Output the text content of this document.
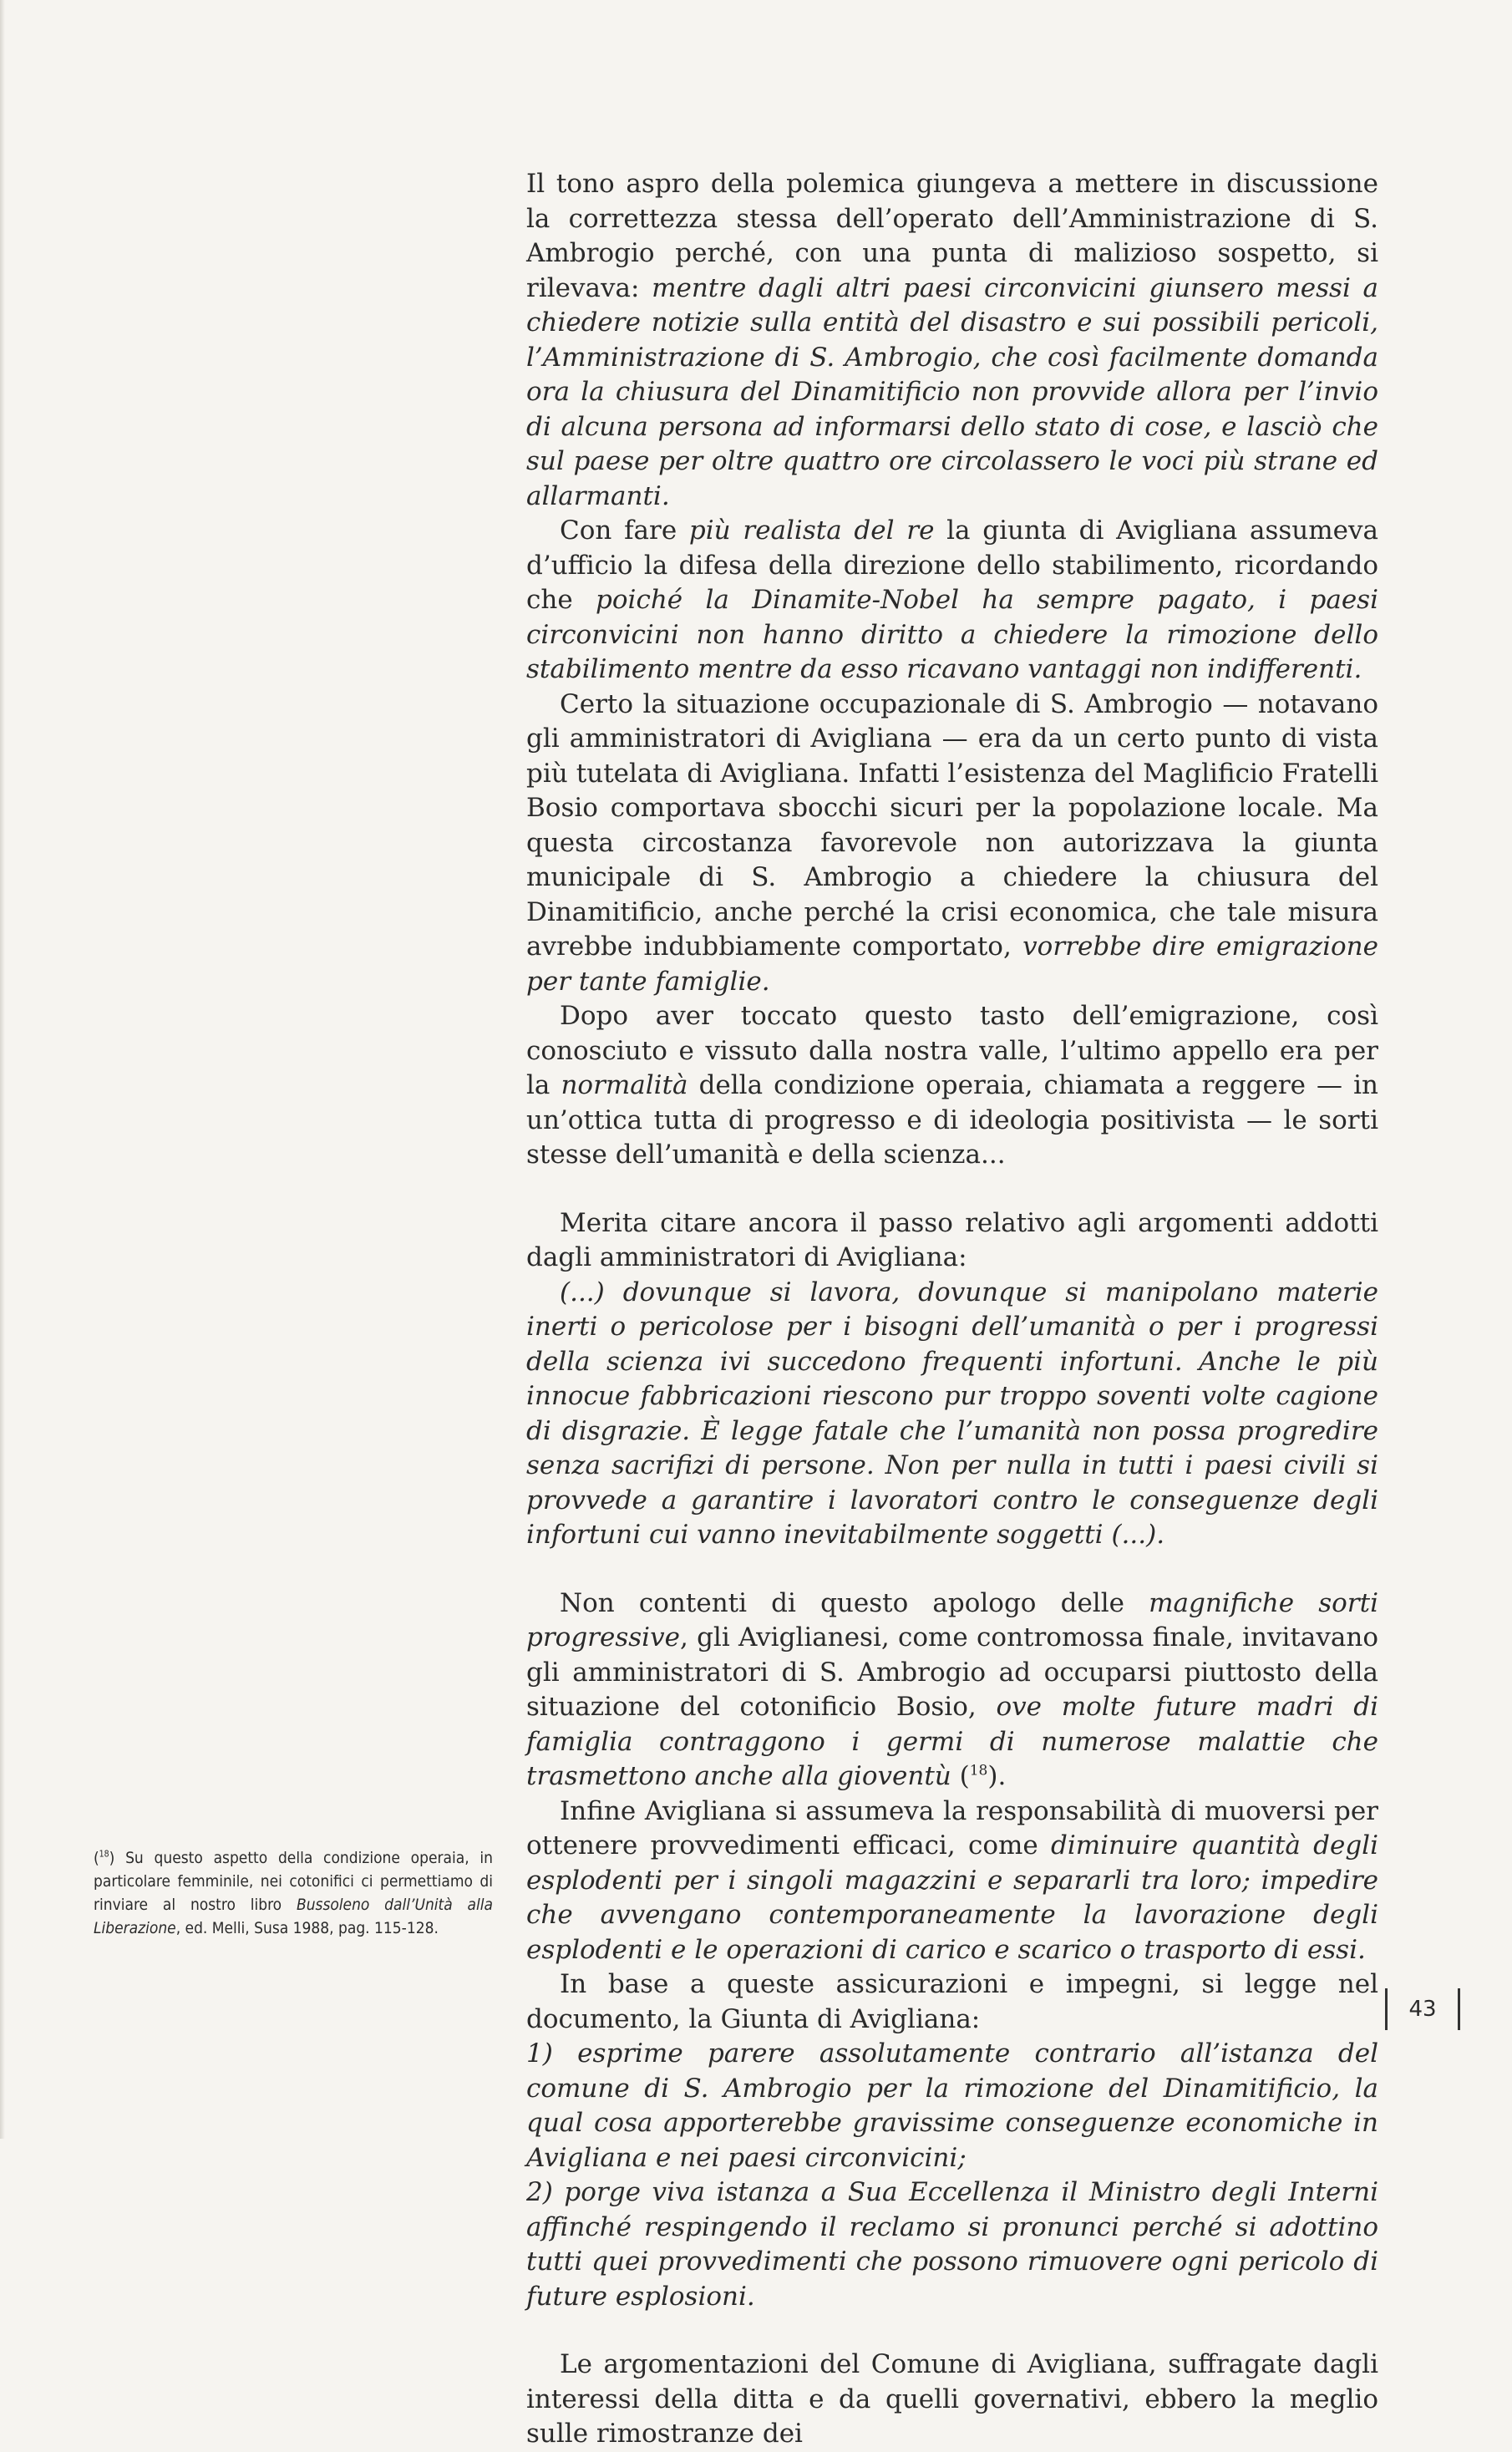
Il tono aspro della polemica giungeva a mettere in discussione la correttezza stessa dell’operato dell’Amministrazione di S. Ambrogio perché, con una punta di malizioso sospetto, si rilevava: mentre dagli altri paesi circonvicini giunsero messi a chiedere notizie sulla entità del disastro e sui possibili pericoli, l’Amministrazione di S. Ambrogio, che così facilmente domanda ora la chiusura del Dinamitificio non provvide allora per l’invio di alcuna persona ad informarsi dello stato di cose, e lasciò che sul paese per oltre quattro ore circolassero le voci più strane ed allarmanti.

Con fare più realista del re la giunta di Avigliana assumeva d’ufficio la difesa della direzione dello stabilimento, ricordando che poiché la Dinamite-Nobel ha sempre pagato, i paesi circonvicini non hanno diritto a chiedere la rimozione dello stabilimento mentre da esso ricavano vantaggi non indifferenti.

Certo la situazione occupazionale di S. Ambrogio — notavano gli amministratori di Avigliana — era da un certo punto di vista più tutelata di Avigliana. Infatti l’esistenza del Maglificio Fratelli Bosio comportava sbocchi sicuri per la popolazione locale. Ma questa circostanza favorevole non autorizzava la giunta municipale di S. Ambrogio a chiedere la chiusura del Dinamitificio, anche perché la crisi economica, che tale misura avrebbe indubbiamente comportato, vorrebbe dire emigrazione per tante famiglie.

Dopo aver toccato questo tasto dell’emigrazione, così conosciuto e vissuto dalla nostra valle, l’ultimo appello era per la normalità della condizione operaia, chiamata a reggere — in un’ottica tutta di progresso e di ideologia positivista — le sorti stesse dell’umanità e della scienza...

Merita citare ancora il passo relativo agli argomenti addotti dagli amministratori di Avigliana:

(...) dovunque si lavora, dovunque si manipolano materie inerti o pericolose per i bisogni dell’umanità o per i progressi della scienza ivi succedono frequenti infortuni. Anche le più innocue fabbricazioni riescono pur troppo soventi volte cagione di disgrazie. È legge fatale che l’umanità non possa progredire senza sacrifizi di persone. Non per nulla in tutti i paesi civili si provvede a garantire i lavoratori contro le conseguenze degli infortuni cui vanno inevitabilmente soggetti (...).

Non contenti di questo apologo delle magnifiche sorti progressive, gli Aviglianesi, come contromossa finale, invitavano gli amministratori di S. Ambrogio ad occuparsi piuttosto della situazione del cotonificio Bosio, ove molte future madri di famiglia contraggono i germi di numerose malattie che trasmettono anche alla gioventù ($^{18}$).

Infine Avigliana si assumeva la responsabilità di muoversi per ottenere provvedimenti efficaci, come diminuire quantità degli esplodenti per i singoli magazzini e separarli tra loro; impedire che avvengano contemporaneamente la lavorazione degli esplodenti e le operazioni di carico e scarico o trasporto di essi.

In base a queste assicurazioni e impegni, si legge nel documento, la Giunta di Avigliana:

1) esprime parere assolutamente contrario all’istanza del comune di S. Ambrogio per la rimozione del Dinamitificio, la qual cosa apporterebbe gravissime conseguenze economiche in Avigliana e nei paesi circonvicini;

2) porge viva istanza a Sua Eccellenza il Ministro degli Interni affinché respingendo il reclamo si pronunci perché si adottino tutti quei provvedimenti che possono rimuovere ogni pericolo di future esplosioni.

Le argomentazioni del Comune di Avigliana, suffragate dagli interessi della ditta e da quelli governativi, ebbero la meglio sulle rimostranze dei

($^{18}$) Su questo aspetto della condizione operaia, in particolare femminile, nei cotonifici ci permettiamo di rinviare al nostro libro Bussoleno dall’Unità alla Liberazione, ed. Melli, Susa 1988, pag. 115-128.

43
